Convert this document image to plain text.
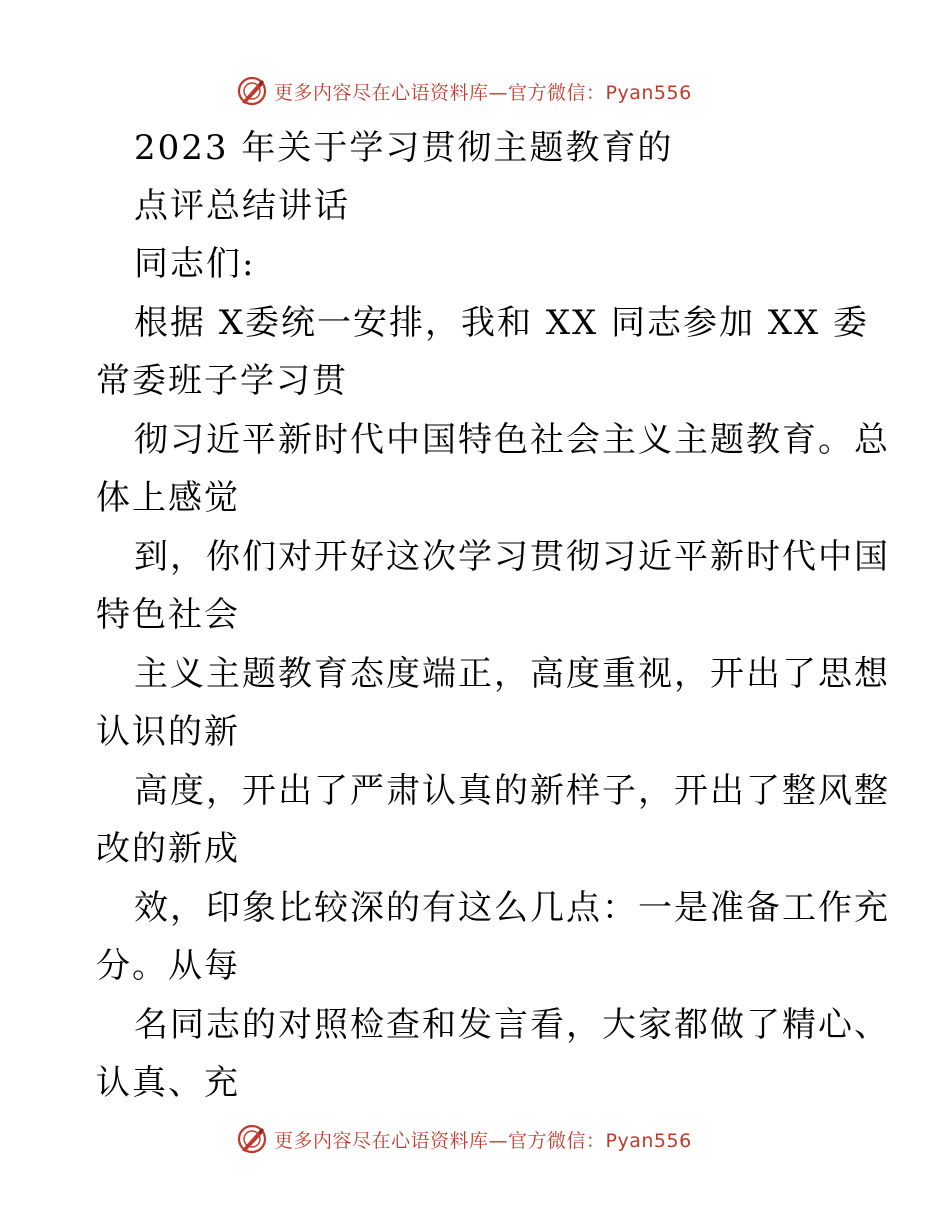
更多内容尽在心语资料库—官方微信：Pyan556
2023 年关于学习贯彻主题教育的
点评总结讲话
同志们:
根据 X委统一安排，我和 XX 同志参加 XX 委
常委班子学习贯
彻习近平新时代中国特色社会主义主题教育。总
体上感觉
到，你们对开好这次学习贯彻习近平新时代中国
特色社会
主义主题教育态度端正，高度重视，开出了思想
认识的新
高度，开出了严肃认真的新样子，开出了整风整
改的新成
效，印象比较深的有这么几点：一是准备工作充
分。从每
名同志的对照检查和发言看，大家都做了精心、
认真、充
更多内容尽在心语资料库—官方微信：Pyan556
